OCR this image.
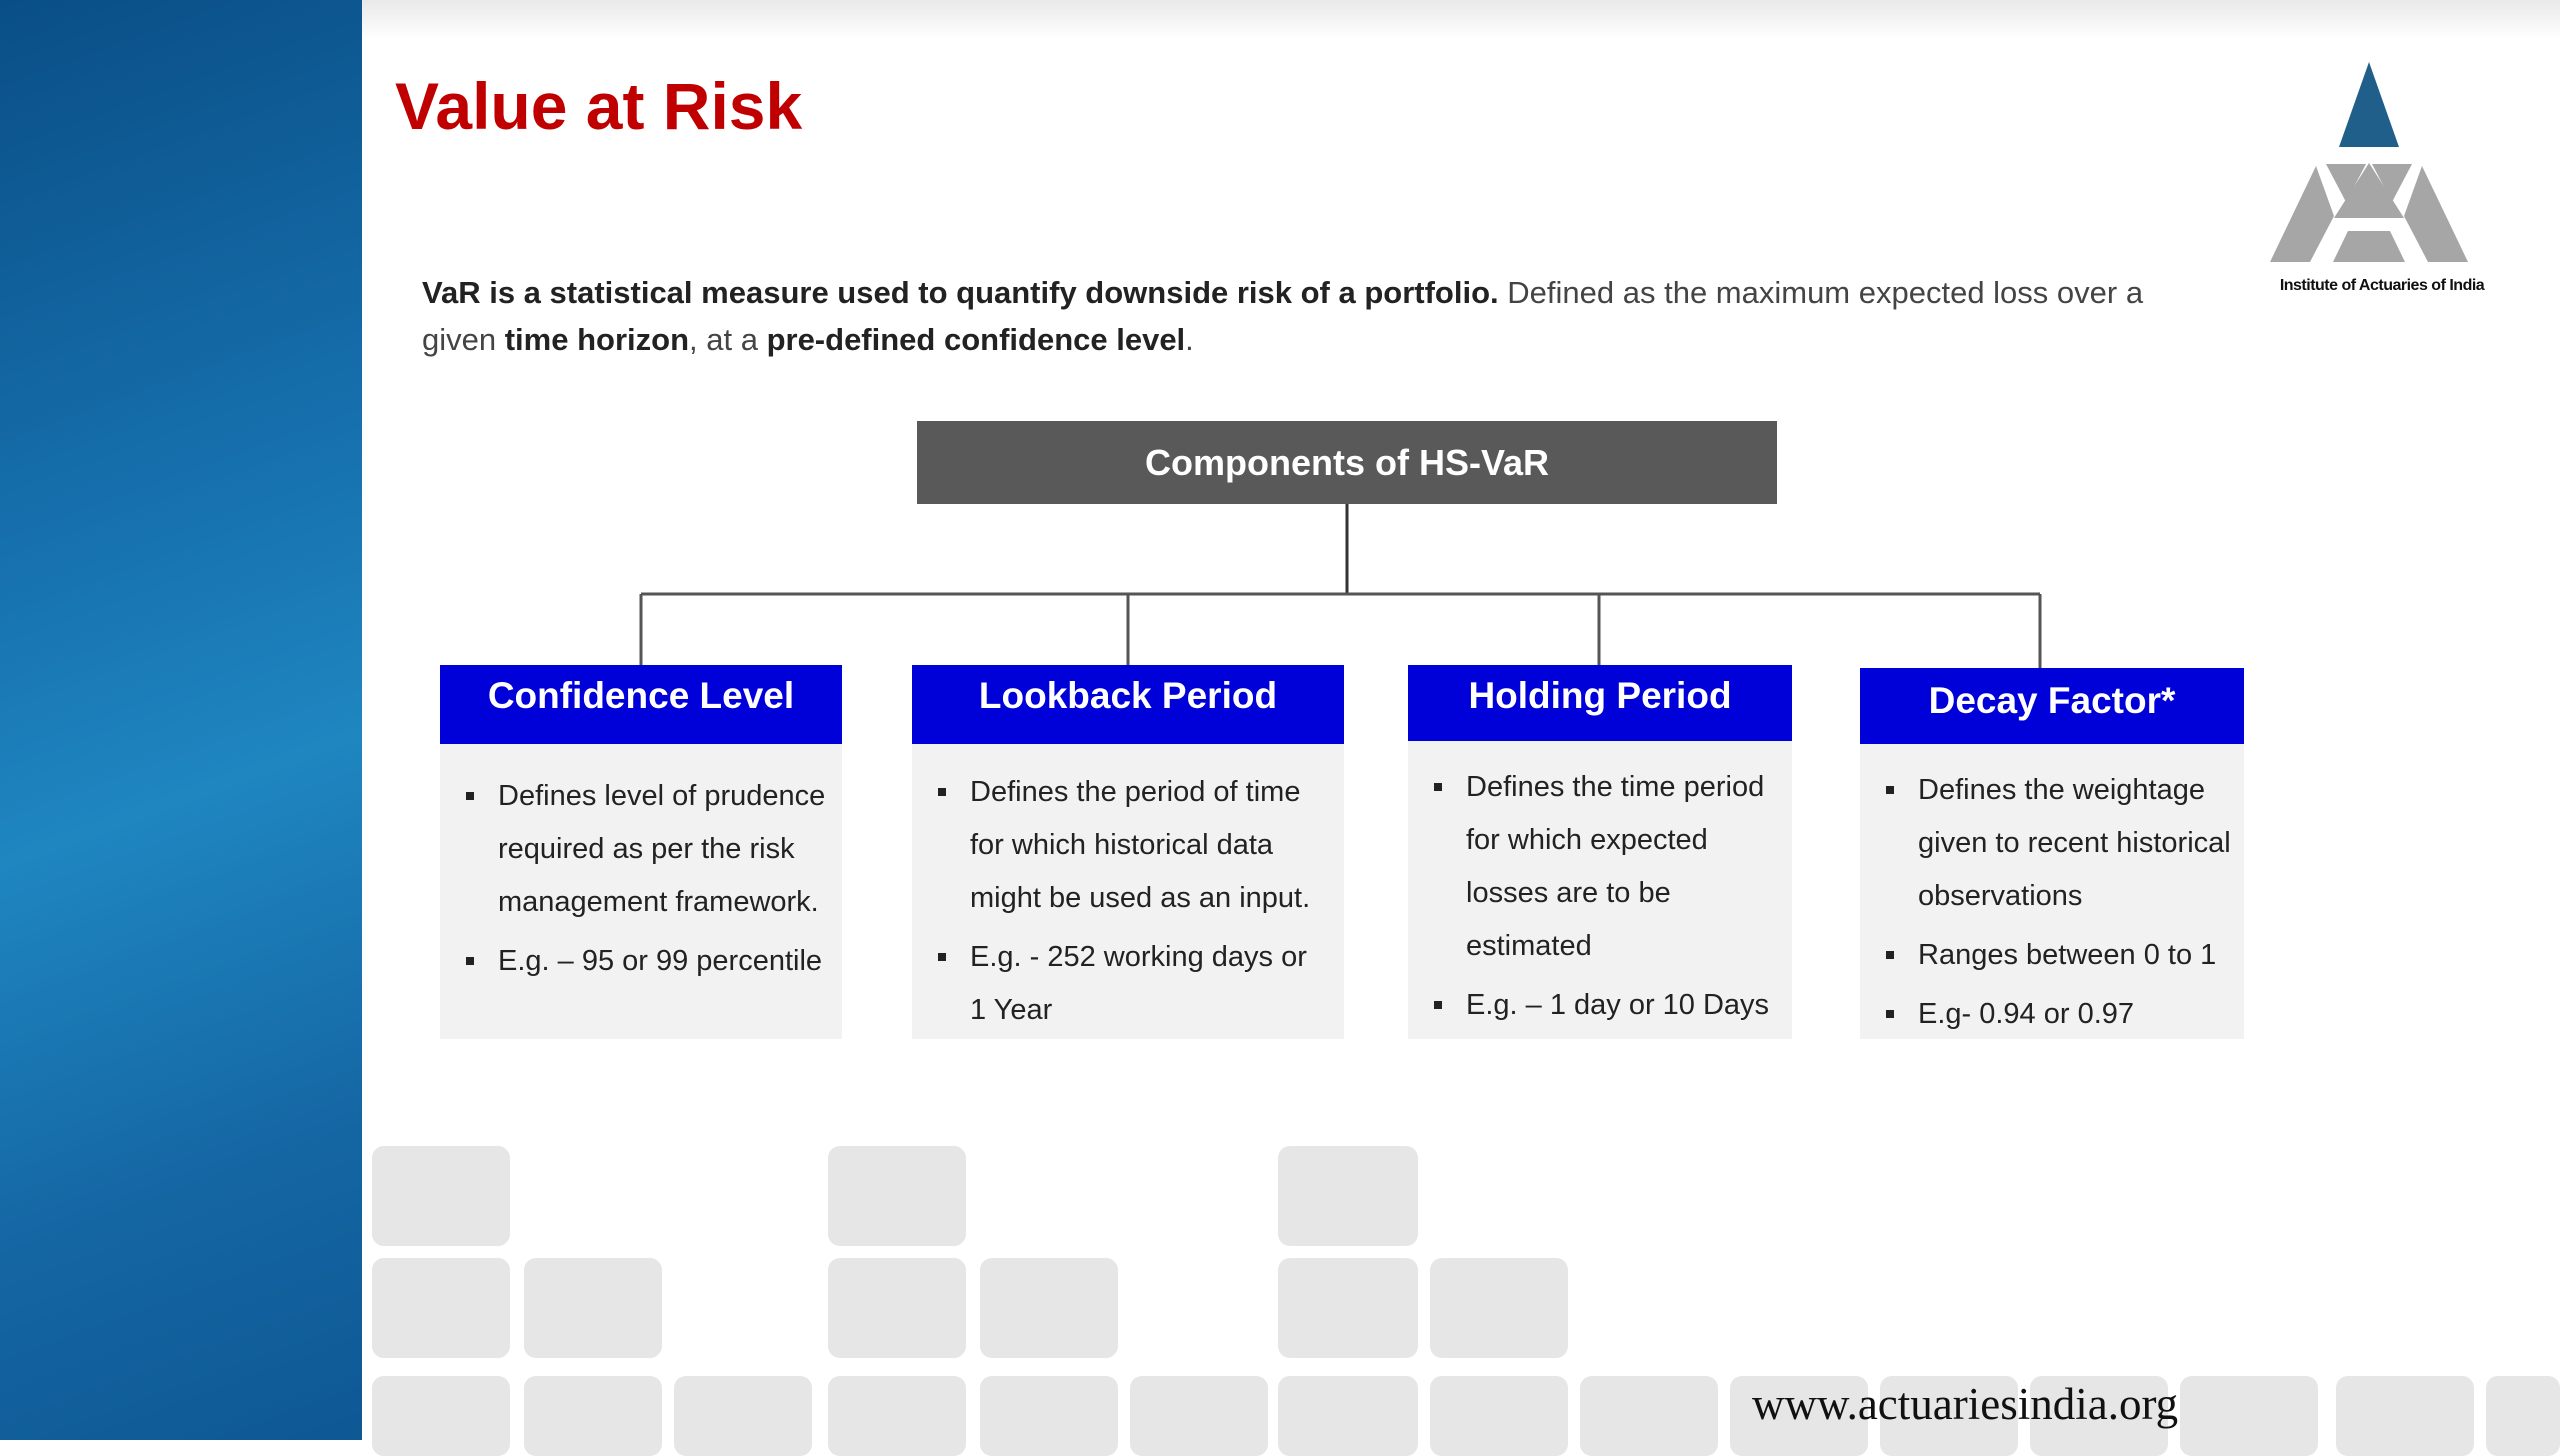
Value at Risk
Institute of Actuaries of India

VaR is a statistical measure used to quantify downside risk of a portfolio. Defined as the maximum expected loss over a given time horizon, at a pre-defined confidence level.

Components of HS-VaR
Confidence Level
Defines level of prudence required as per the risk management framework.
E.g. – 95 or 99 percentile
Lookback Period
Defines the period of time for which historical data might be used as an input.
E.g. - 252 working days or 1 Year
Holding Period
Defines the time period for which expected losses are to be estimated
E.g. – 1 day or 10 Days
Decay Factor*
Defines the weightage given to recent historical observations
Ranges between 0 to 1
E.g- 0.94 or 0.97
www.actuariesindia.org
